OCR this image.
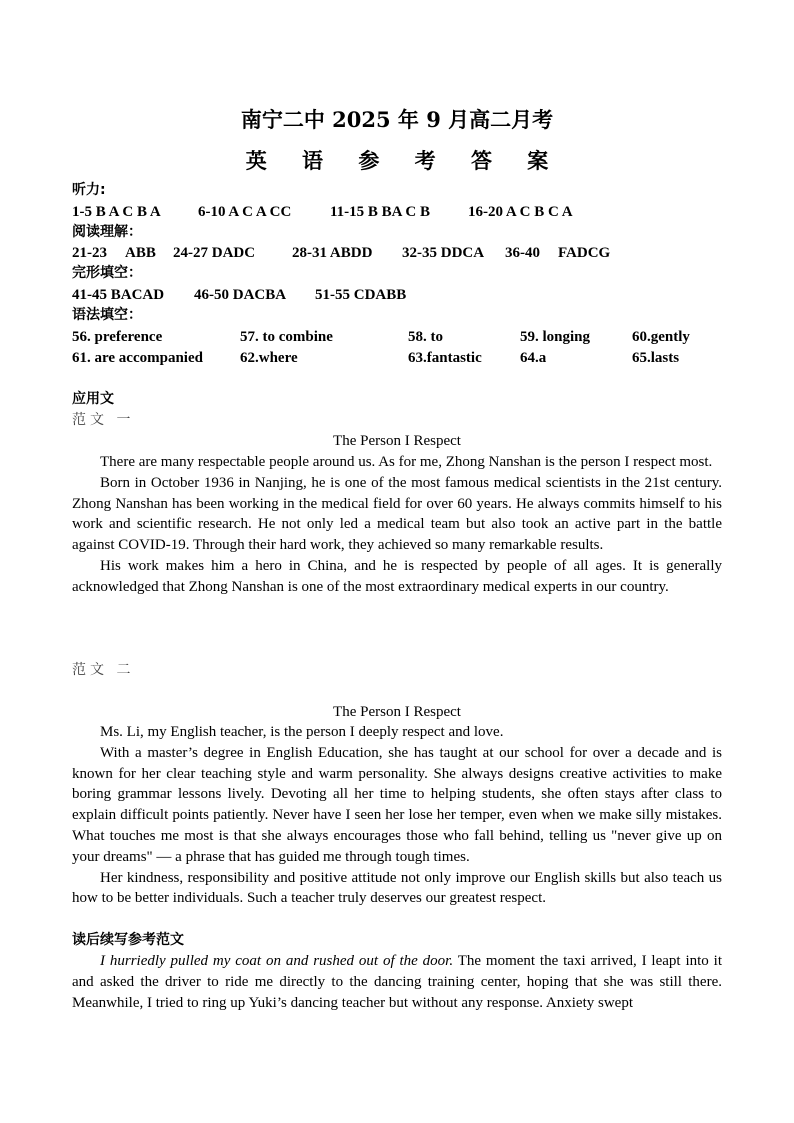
南宁二中 2025 年 9 月高二月考
英 语 参 考 答 案
听力:
1-5 B A C B A 6-10 A C A CC	11-15 B BA C B	16-20 A C B C A
阅读理解：
21-23 ABB 24-27 DADC 28-31 ABDD 32-35 DDCA 36-40 FADCG
完形填空：
41-45 BACAD 46-50 DACBA 51-55 CDABB
语法填空：
56. preference	57. to combine	58. to	59. longing	60.gently
61. are accompanied 62.where	63.fantastic	64.a	65.lasts
应用文
范文 一
The Person I Respect

There are many respectable people around us. As for me, Zhong Nanshan is the person I respect most.

Born in October 1936 in Nanjing, he is one of the most famous medical scientists in the 21st century. Zhong Nanshan has been working in the medical field for over 60 years. He always commits himself to his work and scientific research. He not only led a medical team but also took an active part in the battle against COVID-19. Through their hard work, they achieved so many remarkable results.

His work makes him a hero in China, and he is respected by people of all ages. It is generally acknowledged that Zhong Nanshan is one of the most extraordinary medical experts in our country.

范文 二
The Person I Respect

Ms. Li, my English teacher, is the person I deeply respect and love.

With a master’s degree in English Education, she has taught at our school for over a decade and is known for her clear teaching style and warm personality. She always designs creative activities to make boring grammar lessons lively. Devoting all her time to helping students, she often stays after class to explain difficult points patiently. Never have I seen her lose her temper, even when we make silly mistakes. What touches me most is that she always encourages those who fall behind, telling us "never give up on your dreams" — a phrase that has guided me through tough times.

Her kindness, responsibility and positive attitude not only improve our English skills but also teach us how to be better individuals. Such a teacher truly deserves our greatest respect.

读后续写参考范文

I hurriedly pulled my coat on and rushed out of the door. The moment the taxi arrived, I leapt into it and asked the driver to ride me directly to the dancing training center, hoping that she was still there. Meanwhile, I tried to ring up Yuki’s dancing teacher but without any response. Anxiety swept
